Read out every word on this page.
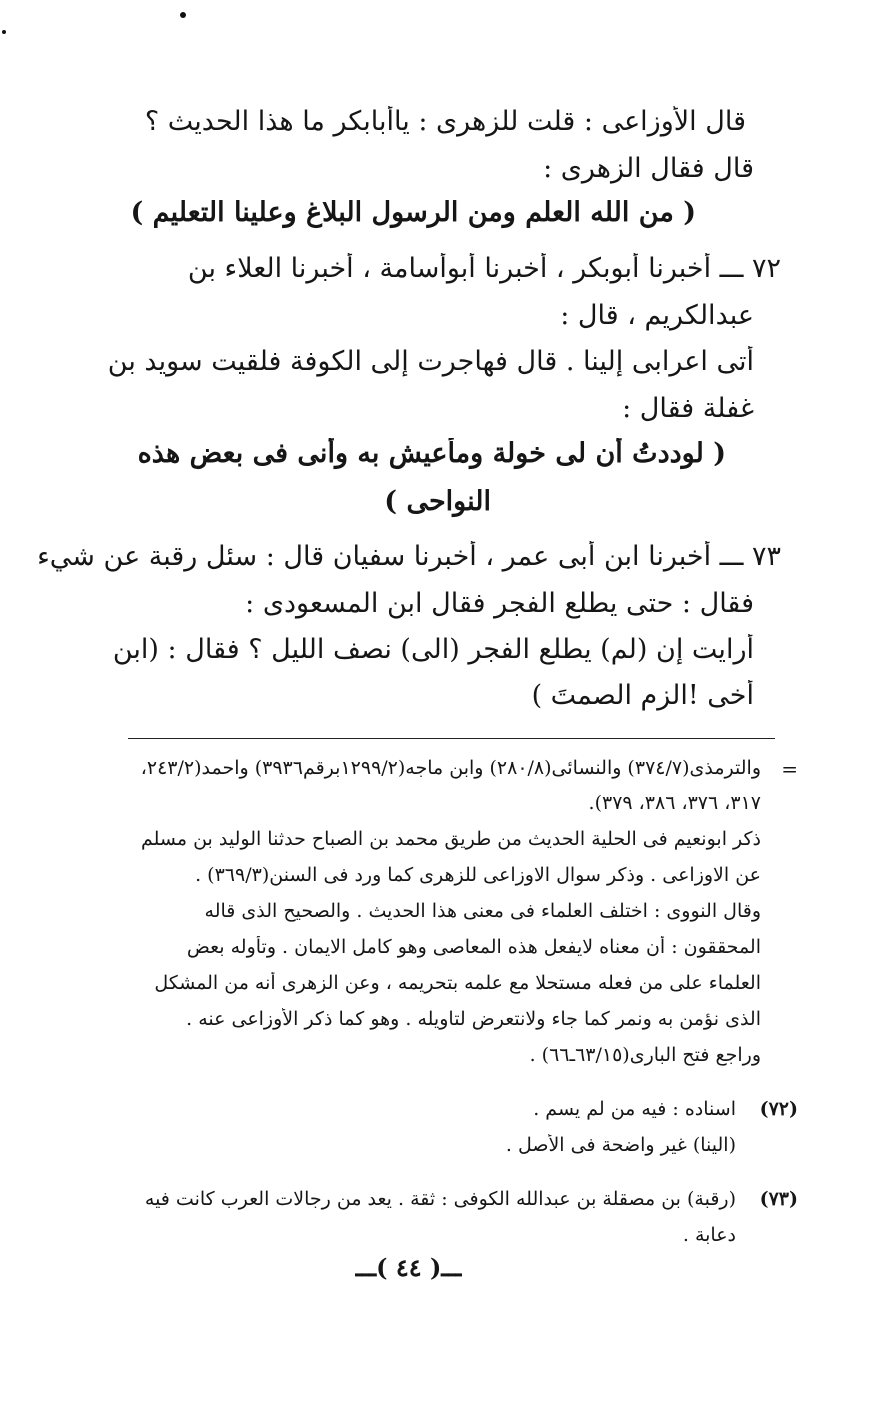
قال الأوزاعى : قلت للزهرى : ياأبابكر ما هذا الحديث ؟
قال فقال الزهرى :
( من الله العلم ومن الرسول البلاغ وعلينا التعليم )
٧٢ ـــ أخبرنا أبوبكر ، أخبرنا أبوأسامة ، أخبرنا العلاء بن
عبدالكريم ، قال :
أتى اعرابى إلينا . قال فهاجرت إلى الكوفة فلقيت سويد بن
غفلة فقال :
( لوددتُ أن لى خولة ومأعيش به وأنى فى بعض هذه
النواحى )
٧٣ ـــ أخبرنا ابن أبى عمر ، أخبرنا سفيان قال : سئل رقبة عن شيء
فقال : حتى يطلع الفجر فقال ابن المسعودى :
أرايت إن (لم) يطلع الفجر (الى) نصف الليل ؟ فقال : (ابن
أخى !الزم الصمتَ )
=
والترمذى(٣٧٤/٧) والنسائى(٢٨٠/٨) وابن ماجه(١٢٩٩/٢برقم٣٩٣٦) واحمد(٢٤٣/٢،
٣١٧، ٣٧٦، ٣٨٦، ٣٧٩).
ذكر ابونعيم فى الحلية الحديث من طريق محمد بن الصباح حدثنا الوليد بن مسلم
عن الاوزاعى . وذكر سوال الاوزاعى للزهرى كما ورد فى السنن(٣٦٩/٣) .
وقال النووى : اختلف العلماء فى معنى هذا الحديث . والصحيح الذى قاله
المحققون : أن معناه لايفعل هذه المعاصى وهو كامل الايمان . وتأوله بعض
العلماء على من فعله مستحلا مع علمه بتحريمه ، وعن الزهرى أنه من المشكل
الذى نؤمن به ونمر كما جاء ولانتعرض لتاويله . وهو كما ذكر الأوزاعى عنه .
وراجع فتح البارى(٦٣/١٥ـ٦٦) .
(٧٢)
اسناده : فيه من لم يسم .
(الينا) غير واضحة فى الأصل .
(٧٣)
(رقبة) بن مصقلة بن عبدالله الكوفى : ثقة . يعد من رجالات العرب كانت فيه
دعابة .
ـــ( ٤٤ )ـــ
